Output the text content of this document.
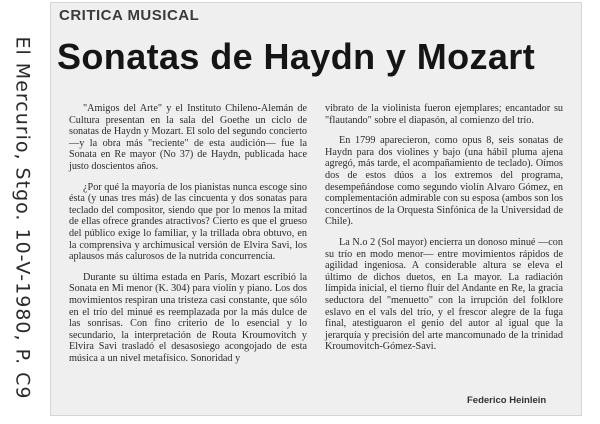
El Mercurio, Stgo. 10-V-1980, P. C9
CRITICA MUSICAL
Sonatas de Haydn y Mozart

"Amigos del Arte" y el Instituto Chileno-Alemán de Cultura presentan en la sala del Goethe un ciclo de sonatas de Haydn y Mozart. El solo del segundo concierto —y la obra más "reciente" de esta audición— fue la Sonata en Re mayor (No 37) de Haydn, publicada hace justo doscientos años.

¿Por qué la mayoría de los pianistas nunca escoge sino ésta (y unas tres más) de las cincuenta y dos sonatas para teclado del compositor, siendo que por lo menos la mitad de ellas ofrece grandes atractivos? Cierto es que el grueso del público exige lo familiar, y la trillada obra obtuvo, en la comprensiva y archimusical versión de Elvira Savi, los aplausos más calurosos de la nutrida concurrencia.

Durante su última estada en París, Mozart escribió la Sonata en Mi menor (K. 304) para violín y piano. Los dos movimientos respiran una tristeza casi constante, que sólo en el trío del minué es reemplazada por la más dulce de las sonrisas. Con fino criterio de lo esencial y lo secundario, la interpretación de Routa Kroumovitch y Elvira Savi trasladó el desasosiego acongojado de esta música a un nivel metafísico. Sonoridad y

vibrato de la violinista fueron ejemplares; encantador su "flautando" sobre el diapasón, al comienzo del trío.

En 1799 aparecieron, como opus 8, seis sonatas de Haydn para dos violines y bajo (una hábil pluma ajena agregó, más tarde, el acompañamiento de teclado). Oímos dos de estos dúos a los extremos del programa, desempeñándose como segundo violín Alvaro Gómez, en complementación admirable con su esposa (ambos son los concertinos de la Orquesta Sinfónica de la Universidad de Chile).

La N.o 2 (Sol mayor) encierra un donoso minué —con su trío en modo menor— entre movimientos rápidos de agilidad ingeniosa. A considerable altura se eleva el último de dichos duetos, en La mayor. La radiación límpida inicial, el tierno fluir del Andante en Re, la gracia seductora del "menuetto" con la irrupción del folklore eslavo en el vals del trío, y el frescor alegre de la fuga final, atestiguaron el genio del autor al igual que la jerarquía y precisión del arte mancomunado de la trinidad Kroumovitch-Gómez-Savi.

Federico Heinlein
